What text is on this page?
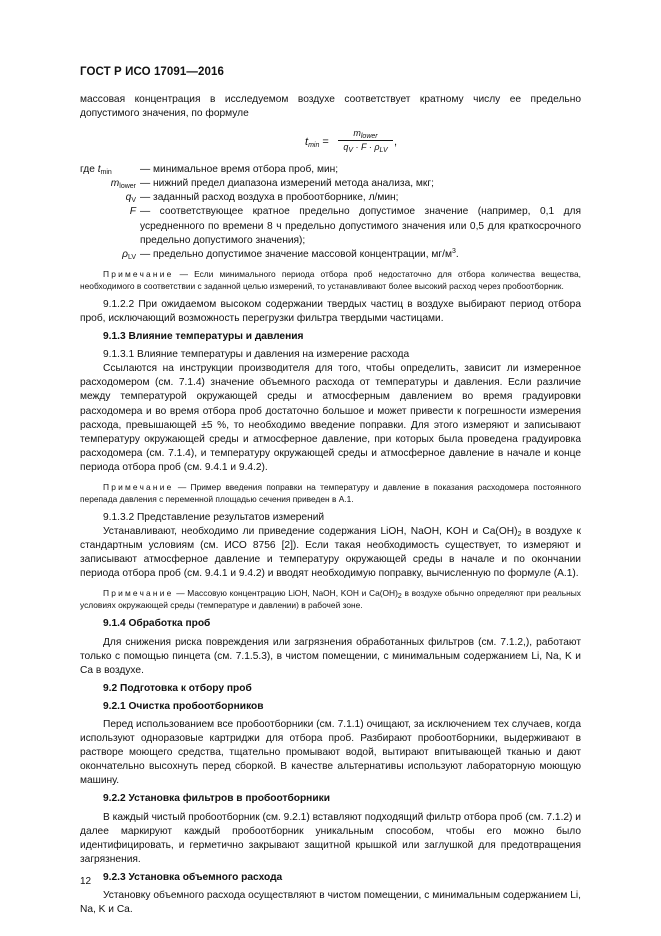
ГОСТ Р ИСО 17091—2016

массовая концентрация в исследуемом воздухе соответствует кратному числу ее предельно допустимого значения, по формуле

$t_{min}$ =
$m_{lower}$
$q_V \cdot F \cdot \rho_{LV}$
,
где $t_{min}$	— минимальное время отбора проб, мин;
$m_{lower}$ — нижний предел диапазона измерений метода анализа, мкг;
$q_V$ — заданный расход воздуха в пробоотборнике, л/мин;
F — соответствующее кратное предельно допустимое значение (например, 0,1 для усредненного по времени 8 ч предельно допустимого значения или 0,5 для краткосрочного предельно допустимого значения);
$\rho_{LV}$ — предельно допустимое значение массовой концентрации, $мг/м^3$.

Примечание — Если минимального периода отбора проб недостаточно для отбора количества вещества, необходимого в соответствии с заданной целью измерений, то устанавливают более высокий расход через пробоотборник.

9.1.2.2 При ожидаемом высоком содержании твердых частиц в воздухе выбирают период отбора проб, исключающий возможность перегрузки фильтра твердыми частицами.

9.1.3 Влияние температуры и давления

9.1.3.1 Влияние температуры и давления на измерение расхода

Ссылаются на инструкции производителя для того, чтобы определить, зависит ли измеренное расходомером (см. 7.1.4) значение объемного расхода от температуры и давления. Если различие между температурой окружающей среды и атмосферным давлением во время градуировки расходомера и во время отбора проб достаточно большое и может привести к погрешности измерения расхода, превышающей ±5 %, то необходимо введение поправки. Для этого измеряют и записывают температуру окружающей среды и атмосферное давление, при которых была проведена градуировка расходомера (см. 7.1.4), и температуру окружающей среды и атмосферное давление в начале и конце периода отбора проб (см. 9.4.1 и 9.4.2).

Примечание — Пример введения поправки на температуру и давление в показания расходомера постоянного перепада давления с переменной площадью сечения приведен в А.1.

9.1.3.2 Представление результатов измерений

Устанавливают, необходимо ли приведение содержания LiOH, NaOH, KOH и $Ca(OH)_2$ в воздухе к стандартным условиям (см. ИСО 8756 [2]). Если такая необходимость существует, то измеряют и записывают атмосферное давление и температуру окружающей среды в начале и по окончании периода отбора проб (см. 9.4.1 и 9.4.2) и вводят необходимую поправку, вычисленную по формуле (А.1).

Примечание — Массовую концентрацию LiOH, NaOH, KOH и $Ca(OH)_2$ в воздухе обычно определяют при реальных условиях окружающей среды (температуре и давлении) в рабочей зоне.

9.1.4 Обработка проб

Для снижения риска повреждения или загрязнения обработанных фильтров (см. 7.1.2,), работают только с помощью пинцета (см. 7.1.5.3), в чистом помещении, с минимальным содержанием Li, Na, K и Ca в воздухе.

9.2 Подготовка к отбору проб
9.2.1 Очистка пробоотборников

Перед использованием все пробоотборники (см. 7.1.1) очищают, за исключением тех случаев, когда используют одноразовые картриджи для отбора проб. Разбирают пробоотборники, выдерживают в растворе моющего средства, тщательно промывают водой, вытирают впитывающей тканью и дают окончательно высохнуть перед сборкой. В качестве альтернативы используют лабораторную моющую машину.

9.2.2 Установка фильтров в пробоотборники

В каждый чистый пробоотборник (см. 9.2.1) вставляют подходящий фильтр отбора проб (см. 7.1.2) и далее маркируют каждый пробоотборник уникальным способом, чтобы его можно было идентифицировать, и герметично закрывают защитной крышкой или заглушкой для предотвращения загрязнения.

9.2.3 Установка объемного расхода

Установку объемного расхода осуществляют в чистом помещении, с минимальным содержанием Li, Na, K и Ca.

12
